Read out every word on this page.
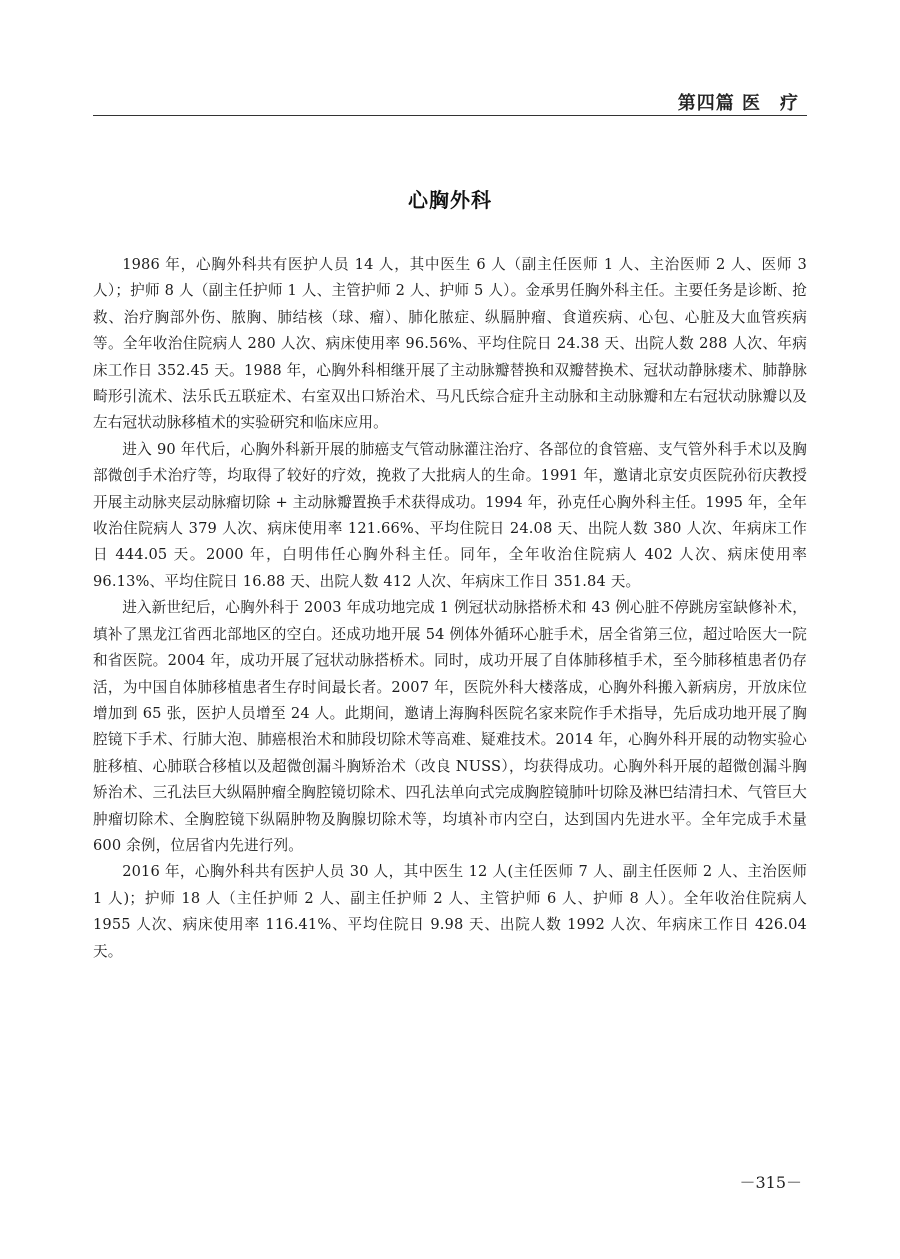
第四篇 医　疗
心胸外科

1986 年，心胸外科共有医护人员 14 人，其中医生 6 人（副主任医师 1 人、主治医师 2 人、医师 3 人）；护师 8 人（副主任护师 1 人、主管护师 2 人、护师 5 人）。金承男任胸外科主任。主要任务是诊断、抢救、治疗胸部外伤、脓胸、肺结核（球、瘤）、肺化脓症、纵膈肿瘤、食道疾病、心包、心脏及大血管疾病等。全年收治住院病人 280 人次、病床使用率 96.56%、平均住院日 24.38 天、出院人数 288 人次、年病床工作日 352.45 天。1988 年，心胸外科相继开展了主动脉瓣替换和双瓣替换术、冠状动静脉瘘术、肺静脉畸形引流术、法乐氏五联症术、右室双出口矫治术、马凡氏综合症升主动脉和主动脉瓣和左右冠状动脉瓣以及左右冠状动脉移植术的实验研究和临床应用。

进入 90 年代后，心胸外科新开展的肺癌支气管动脉灌注治疗、各部位的食管癌、支气管外科手术以及胸部微创手术治疗等，均取得了较好的疗效，挽救了大批病人的生命。1991 年，邀请北京安贞医院孙衍庆教授开展主动脉夹层动脉瘤切除 + 主动脉瓣置换手术获得成功。1994 年，孙克任心胸外科主任。1995 年，全年收治住院病人 379 人次、病床使用率 121.66%、平均住院日 24.08 天、出院人数 380 人次、年病床工作日 444.05 天。2000 年，白明伟任心胸外科主任。同年，全年收治住院病人 402 人次、病床使用率 96.13%、平均住院日 16.88 天、出院人数 412 人次、年病床工作日 351.84 天。

进入新世纪后，心胸外科于 2003 年成功地完成 1 例冠状动脉搭桥术和 43 例心脏不停跳房室缺修补术，填补了黑龙江省西北部地区的空白。还成功地开展 54 例体外循环心脏手术，居全省第三位，超过哈医大一院和省医院。2004 年，成功开展了冠状动脉搭桥术。同时，成功开展了自体肺移植手术，至今肺移植患者仍存活，为中国自体肺移植患者生存时间最长者。2007 年，医院外科大楼落成，心胸外科搬入新病房，开放床位增加到 65 张，医护人员增至 24 人。此期间，邀请上海胸科医院名家来院作手术指导，先后成功地开展了胸腔镜下手术、行肺大泡、肺癌根治术和肺段切除术等高难、疑难技术。2014 年，心胸外科开展的动物实验心脏移植、心肺联合移植以及超微创漏斗胸矫治术（改良 NUSS），均获得成功。心胸外科开展的超微创漏斗胸矫治术、三孔法巨大纵隔肿瘤全胸腔镜切除术、四孔法单向式完成胸腔镜肺叶切除及淋巴结清扫术、气管巨大肿瘤切除术、全胸腔镜下纵隔肿物及胸腺切除术等，均填补市内空白，达到国内先进水平。全年完成手术量 600 余例，位居省内先进行列。

2016 年，心胸外科共有医护人员 30 人，其中医生 12 人(主任医师 7 人、副主任医师 2 人、主治医师 1 人)；护师 18 人（主任护师 2 人、副主任护师 2 人、主管护师 6 人、护师 8 人）。全年收治住院病人 1955 人次、病床使用率 116.41%、平均住院日 9.98 天、出院人数 1992 人次、年病床工作日 426.04 天。

－315－
